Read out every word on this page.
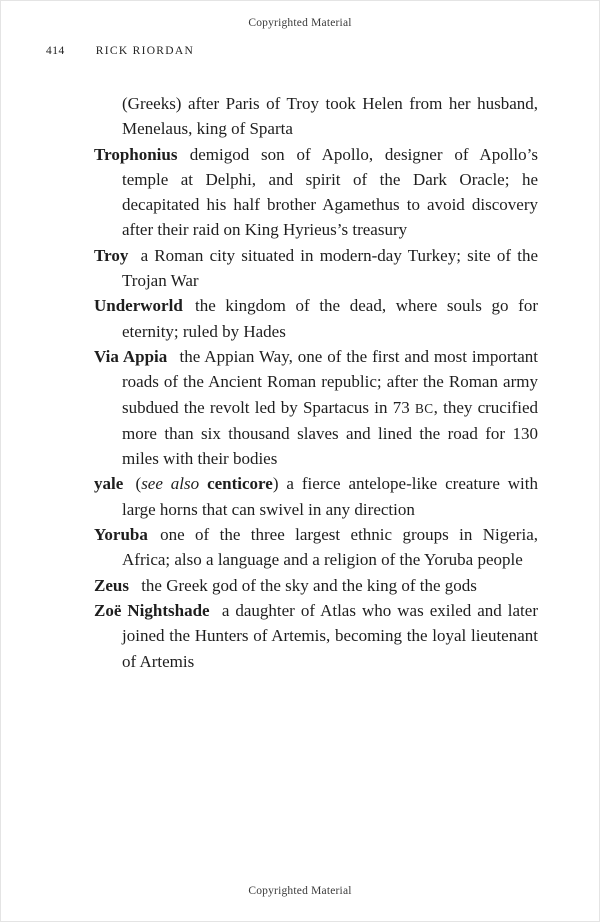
Copyrighted Material
414	RICK RIORDAN
(Greeks) after Paris of Troy took Helen from her husband, Menelaus, king of Sparta
Trophonius demigod son of Apollo, designer of Apollo’s temple at Delphi, and spirit of the Dark Oracle; he decapitated his half brother Agamethus to avoid discovery after their raid on King Hyrieus’s treasury
Troy a Roman city situated in modern-day Turkey; site of the Trojan War
Underworld the kingdom of the dead, where souls go for eternity; ruled by Hades
Via Appia the Appian Way, one of the first and most important roads of the Ancient Roman republic; after the Roman army subdued the revolt led by Spartacus in 73 BC, they crucified more than six thousand slaves and lined the road for 130 miles with their bodies
yale (see also centicore) a fierce antelope-like creature with large horns that can swivel in any direction
Yoruba one of the three largest ethnic groups in Nigeria, Africa; also a language and a religion of the Yoruba people
Zeus the Greek god of the sky and the king of the gods
Zoë Nightshade a daughter of Atlas who was exiled and later joined the Hunters of Artemis, becoming the loyal lieutenant of Artemis
Copyrighted Material
